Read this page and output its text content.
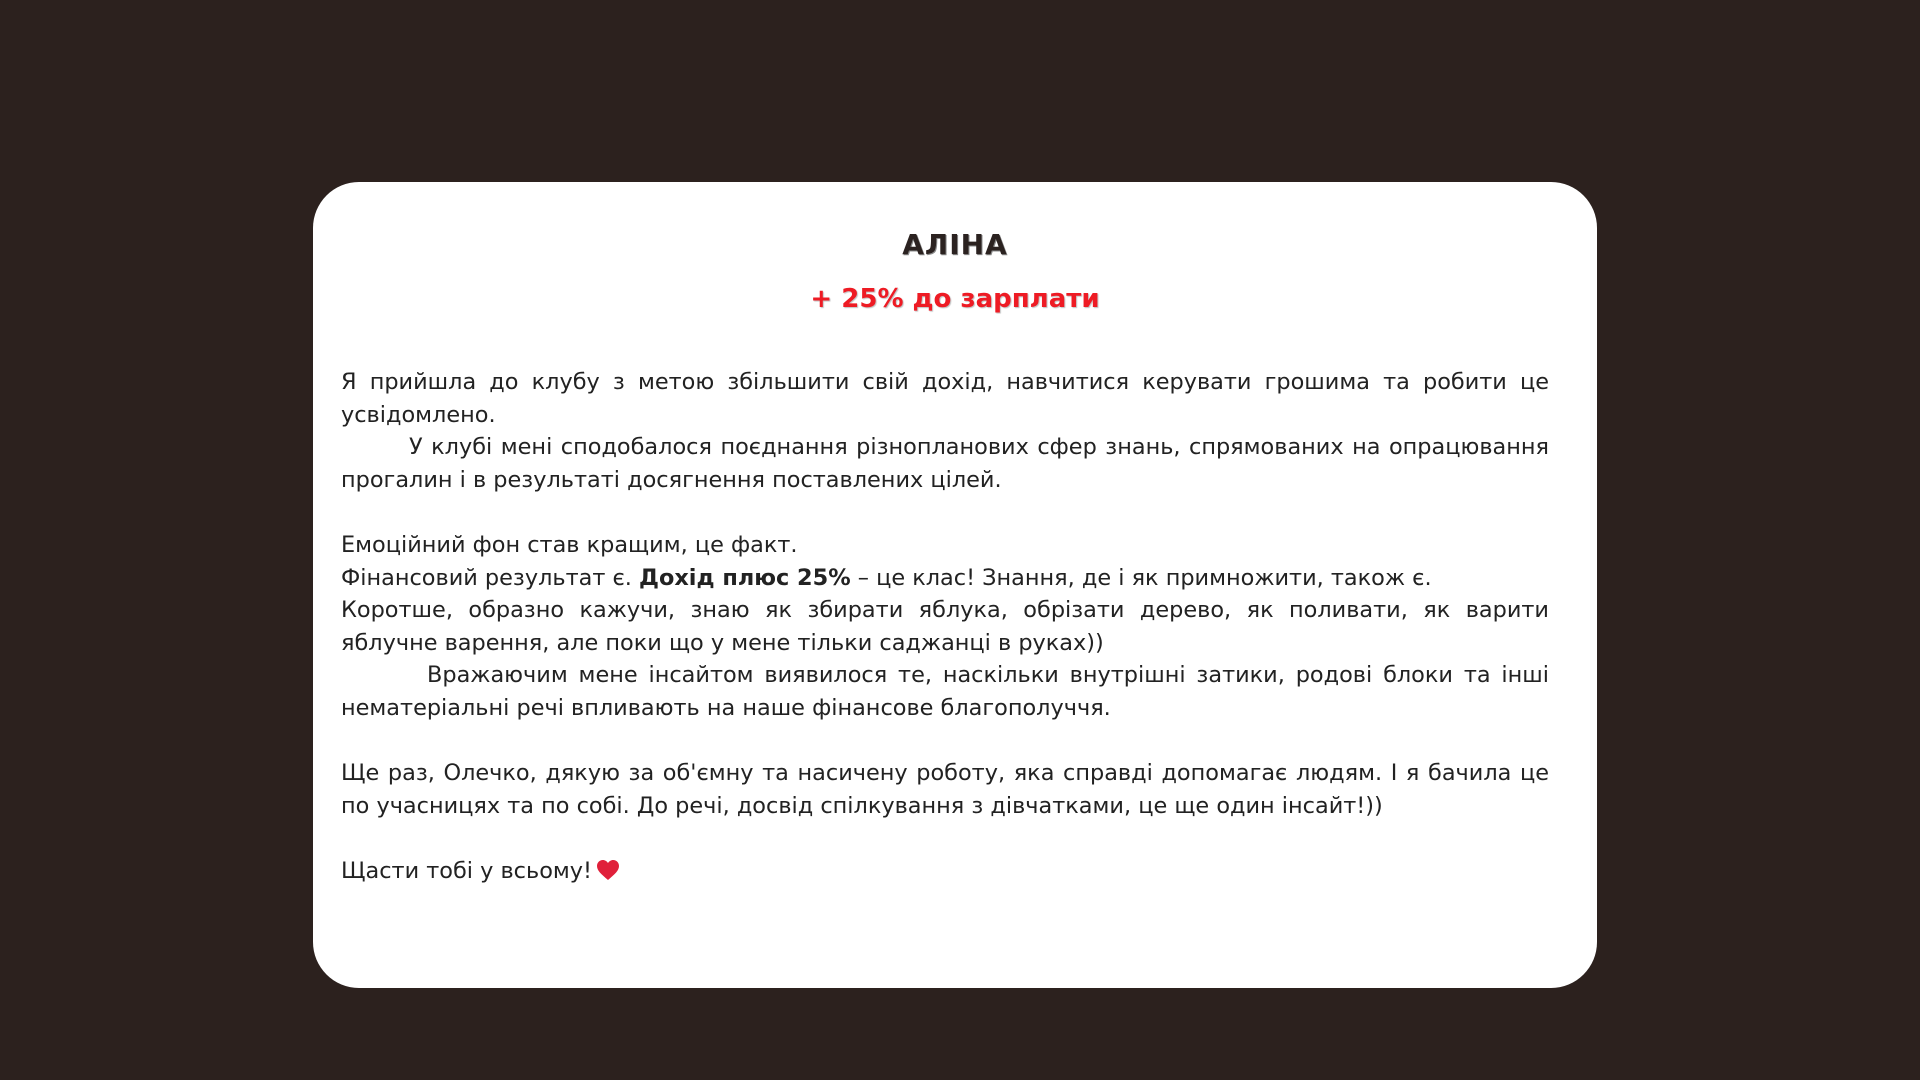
АЛІНА
+ 25% до зарплати

Я прийшла до клубу з метою збільшити свій дохід, навчитися керувати грошима та робити це усвідомлено.

У клубі мені сподобалося поєднання різнопланових сфер знань, спрямованих на опрацювання прогалин і в результаті досягнення поставлених цілей.

Емоційний фон став кращим, це факт.

Фінансовий результат є. Дохід плюс 25% – це клас! Знання, де і як примножити, також є.

Коротше, образно кажучи, знаю як збирати яблука, обрізати дерево, як поливати, як варити яблучне варення, але поки що у мене тільки саджанці в руках))

Вражаючим мене інсайтом виявилося те, наскільки внутрішні затики, родові блоки та інші нематеріальні речі впливають на наше фінансове благополуччя.

Ще раз, Олечко, дякую за об'ємну та насичену роботу, яка справді допомагає людям. І я бачила це по учасницях та по собі. До речі, досвід спілкування з дівчатками, це ще один інсайт!))

Щасти тобі у всьому!
